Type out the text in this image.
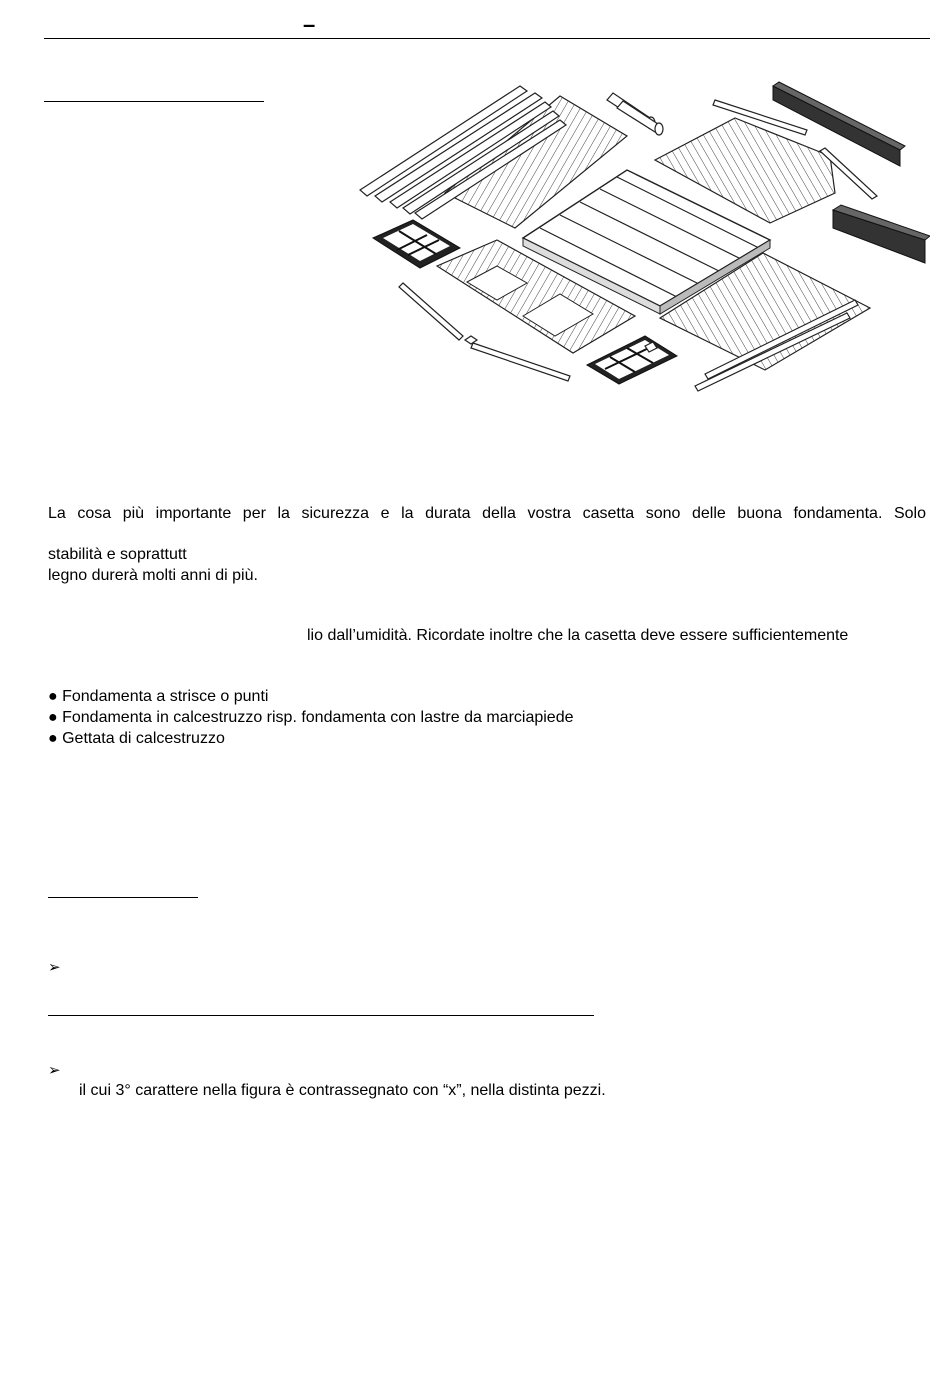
–
La cosa più importante per la sicurezza e la durata della vostra casetta sono delle buona fondamenta. Solo
stabilità e soprattutt
legno durerà molti anni di più.
lio dall’umidità. Ricordate inoltre che la casetta deve essere sufficientemente
● Fondamenta a strisce o punti
● Fondamenta in calcestruzzo risp. fondamenta con lastre da marciapiede
● Gettata di calcestruzzo
➢
➢
il cui 3° carattere nella figura è contrassegnato con “x”, nella distinta pezzi.
